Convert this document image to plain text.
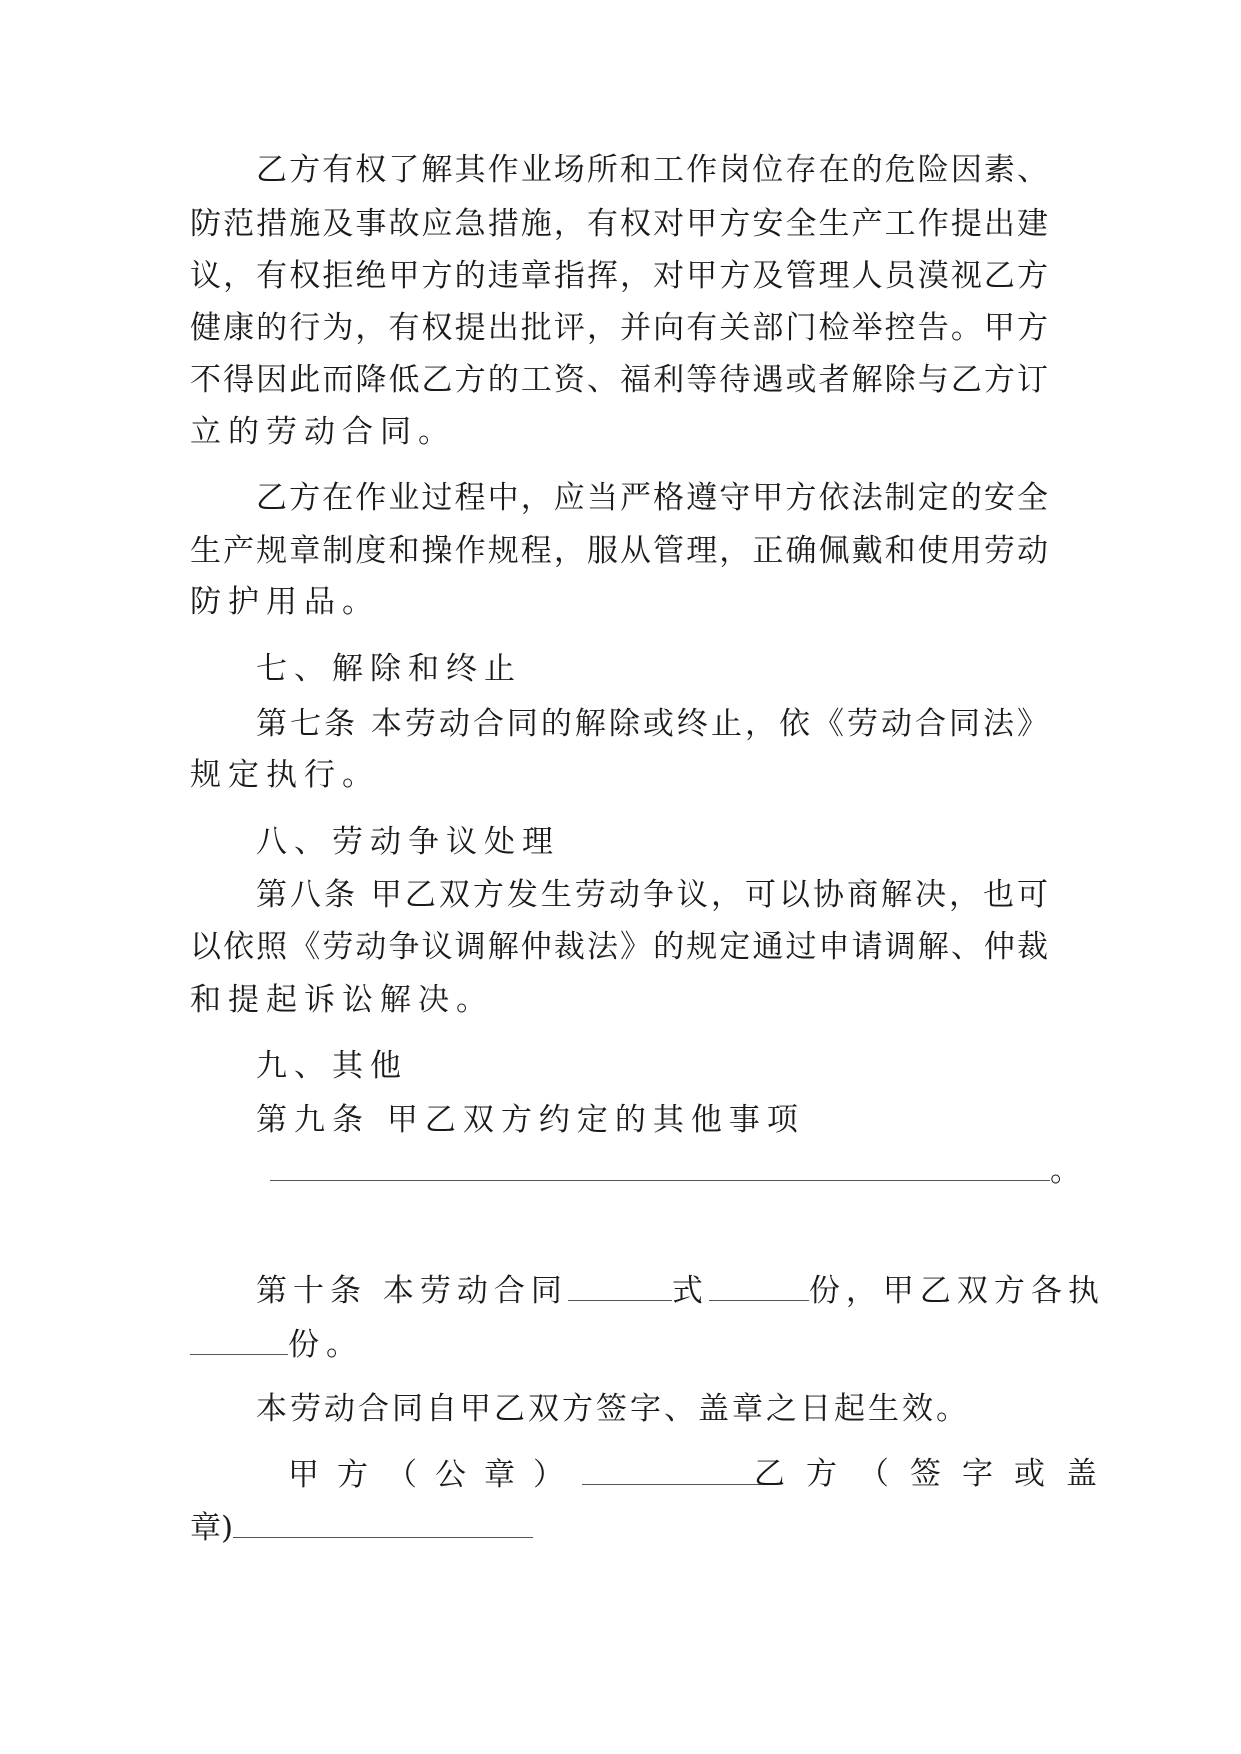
乙方有权了解其作业场所和工作岗位存在的危险因素、
防范措施及事故应急措施，有权对甲方安全生产工作提出建
议，有权拒绝甲方的违章指挥，对甲方及管理人员漠视乙方
健康的行为，有权提出批评，并向有关部门检举控告。甲方
不得因此而降低乙方的工资、福利等待遇或者解除与乙方订
立的劳动合同。
乙方在作业过程中，应当严格遵守甲方依法制定的安全
生产规章制度和操作规程，服从管理，正确佩戴和使用劳动
防护用品。
七、解除和终止
第七条 本劳动合同的解除或终止，依《劳动合同法》
规定执行。
八、劳动争议处理
第八条 甲乙双方发生劳动争议，可以协商解决，也可
以依照《劳动争议调解仲裁法》的规定通过申请调解、仲裁
和提起诉讼解决。
九、其他
第九条 甲乙双方约定的其他事项
。
第十条 本劳动合同	式	份，甲乙双方各执
份。
本劳动合同自甲乙双方签字、盖章之日起生效。
甲方（公章）	乙方（签字或盖
章)
